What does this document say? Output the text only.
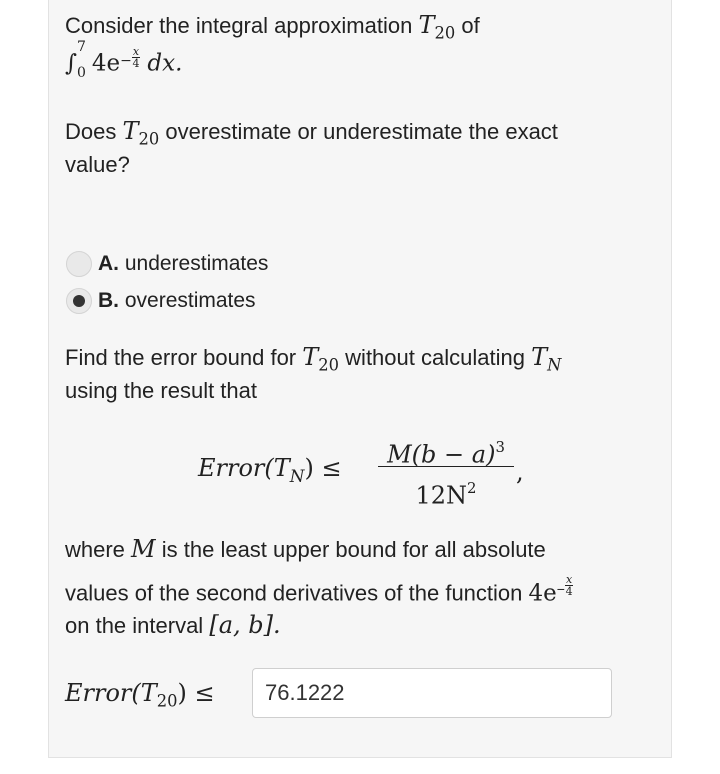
Consider the integral approximation $T_{20}$ of
∫
7
0 $4e^- \frac{x}{4}$ dx.
Does $T_{20}$ overestimate or underestimate the exact
value?
A. underestimates
B. overestimates
Find the error bound for $T_{20}$ without calculating $T_N$
using the result that
$Error(T_N)$ ≤	$M(b - a)^3$
$12N^2$
,
where M is the least upper bound for all absolute
values of the second derivatives of the function $4e^- \frac{x}{4}$
on the interval [a, b].
$Error(T_{20})$ ≤	76.1222
